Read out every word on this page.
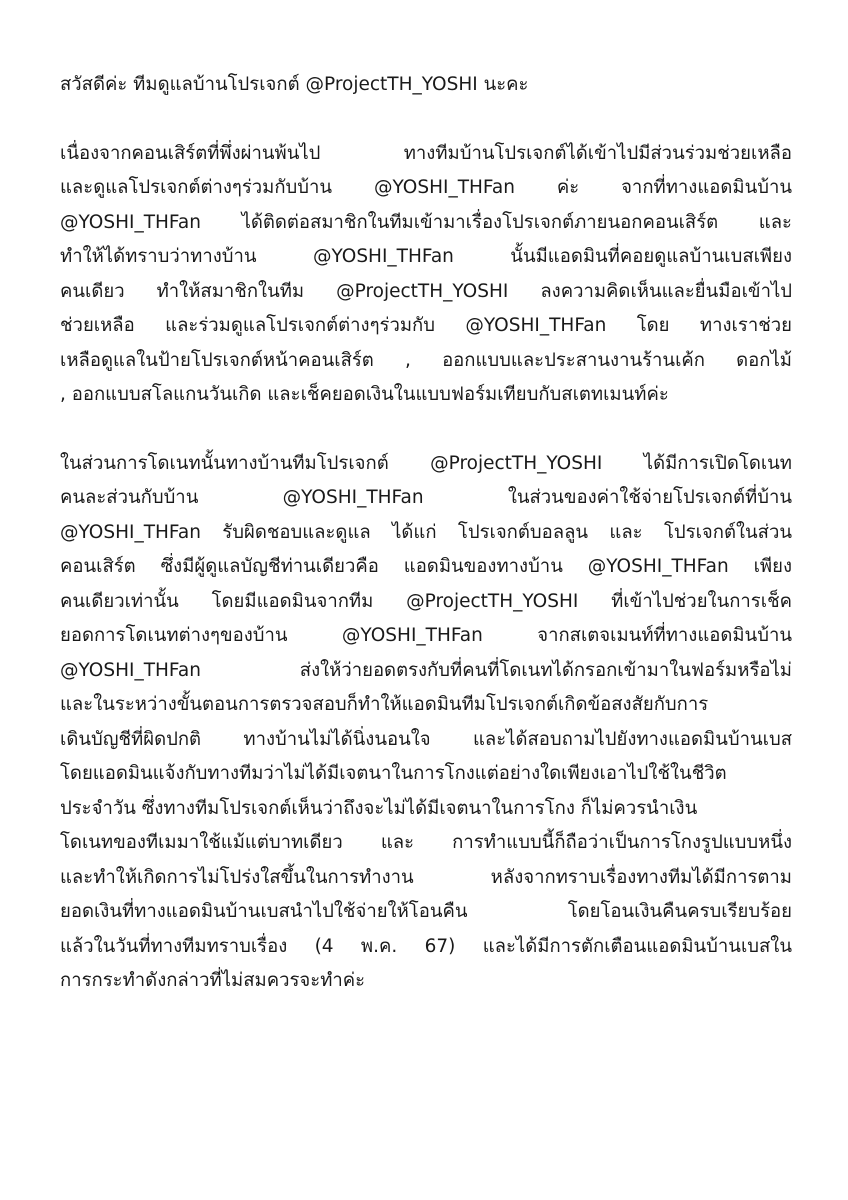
สวัสดีค่ะ ทีมดูแลบ้านโปรเจกต์ @ProjectTH_YOSHI นะคะ
เนื่องจากคอนเสิร์ตที่พึ่งผ่านพ้นไป ทางทีมบ้านโปรเจกต์ได้เข้าไปมีส่วนร่วมช่วยเหลือ
และดูแลโปรเจกต์ต่างๆร่วมกับบ้าน @YOSHI_THFan ค่ะ จากที่ทางแอดมินบ้าน
@YOSHI_THFan ได้ติดต่อสมาชิกในทีมเข้ามาเรื่องโปรเจกต์ภายนอกคอนเสิร์ต และ
ทำให้ได้ทราบว่าทางบ้าน @YOSHI_THFan นั้นมีแอดมินที่คอยดูแลบ้านเบสเพียง
คนเดียว ทำให้สมาชิกในทีม @ProjectTH_YOSHI ลงความคิดเห็นและยื่นมือเข้าไป
ช่วยเหลือ และร่วมดูแลโปรเจกต์ต่างๆร่วมกับ @YOSHI_THFan โดย ทางเราช่วย
เหลือดูแลในป้ายโปรเจกต์หน้าคอนเสิร์ต , ออกแบบและประสานงานร้านเค้ก ดอกไม้
, ออกแบบสโลแกนวันเกิด และเช็คยอดเงินในแบบฟอร์มเทียบกับสเตทเมนท์ค่ะ
ในส่วนการโดเนทนั้นทางบ้านทีมโปรเจกต์ @ProjectTH_YOSHI ได้มีการเปิดโดเนท
คนละส่วนกับบ้าน @YOSHI_THFan ในส่วนของค่าใช้จ่ายโปรเจกต์ที่บ้าน
@YOSHI_THFan รับผิดชอบและดูแล ได้แก่ โปรเจกต์บอลลูน และ โปรเจกต์ในส่วน
คอนเสิร์ต ซึ่งมีผู้ดูแลบัญชีท่านเดียวคือ แอดมินของทางบ้าน @YOSHI_THFan เพียง
คนเดียวเท่านั้น โดยมีแอดมินจากทีม @ProjectTH_YOSHI ที่เข้าไปช่วยในการเช็ค
ยอดการโดเนทต่างๆของบ้าน @YOSHI_THFan จากสเตจเมนท์ที่ทางแอดมินบ้าน
@YOSHI_THFan ส่งให้ว่ายอดตรงกับที่คนที่โดเนทได้กรอกเข้ามาในฟอร์มหรือไม่
และในระหว่างขั้นตอนการตรวจสอบก็ทำให้แอดมินทีมโปรเจกต์เกิดข้อสงสัยกับการ
เดินบัญชีที่ผิดปกติ ทางบ้านไม่ได้นิ่งนอนใจ และได้สอบถามไปยังทางแอดมินบ้านเบส
โดยแอดมินแจ้งกับทางทีมว่าไม่ได้มีเจตนาในการโกงแต่อย่างใดเพียงเอาไปใช้ในชีวิต
ประจำวัน ซึ่งทางทีมโปรเจกต์เห็นว่าถึงจะไม่ได้มีเจตนาในการโกง ก็ไม่ควรนำเงิน
โดเนทของทีเมมาใช้แม้แต่บาทเดียว และ การทำแบบนี้ก็ถือว่าเป็นการโกงรูปแบบหนึ่ง
และทำให้เกิดการไม่โปร่งใสขึ้นในการทำงาน หลังจากทราบเรื่องทางทีมได้มีการตาม
ยอดเงินที่ทางแอดมินบ้านเบสนำไปใช้จ่ายให้โอนคืน โดยโอนเงินคืนครบเรียบร้อย
แล้วในวันที่ทางทีมทราบเรื่อง (4 พ.ค. 67) และได้มีการตักเตือนแอดมินบ้านเบสใน
การกระทำดังกล่าวที่ไม่สมควรจะทำค่ะ
